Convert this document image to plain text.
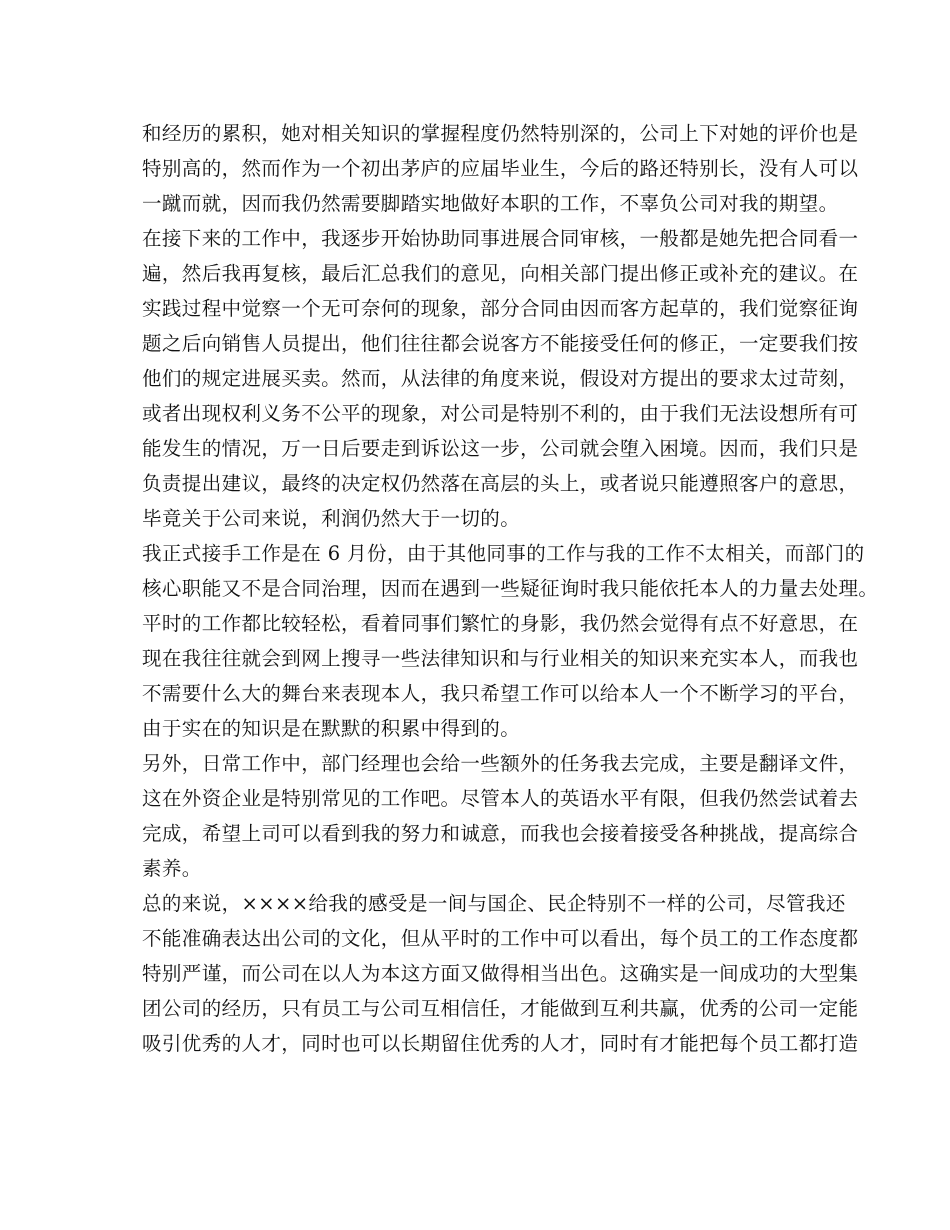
和经历的累积，她对相关知识的掌握程度仍然特别深的，公司上下对她的评价也是
特别高的，然而作为一个初出茅庐的应届毕业生，今后的路还特别长，没有人可以
一蹴而就，因而我仍然需要脚踏实地做好本职的工作，不辜负公司对我的期望。
在接下来的工作中，我逐步开始协助同事进展合同审核，一般都是她先把合同看一
遍，然后我再复核，最后汇总我们的意见，向相关部门提出修正或补充的建议。在
实践过程中觉察一个无可奈何的现象，部分合同由因而客方起草的，我们觉察征询
题之后向销售人员提出，他们往往都会说客方不能接受任何的修正，一定要我们按
他们的规定进展买卖。然而，从法律的角度来说，假设对方提出的要求太过苛刻，
或者出现权利义务不公平的现象，对公司是特别不利的，由于我们无法设想所有可
能发生的情况，万一日后要走到诉讼这一步，公司就会堕入困境。因而，我们只是
负责提出建议，最终的决定权仍然落在高层的头上，或者说只能遵照客户的意思，
毕竟关于公司来说，利润仍然大于一切的。
我正式接手工作是在 6 月份，由于其他同事的工作与我的工作不太相关，而部门的
核心职能又不是合同治理，因而在遇到一些疑征询时我只能依托本人的力量去处理。
平时的工作都比较轻松，看着同事们繁忙的身影，我仍然会觉得有点不好意思，在
现在我往往就会到网上搜寻一些法律知识和与行业相关的知识来充实本人，而我也
不需要什么大的舞台来表现本人，我只希望工作可以给本人一个不断学习的平台，
由于实在的知识是在默默的积累中得到的。
另外，日常工作中，部门经理也会给一些额外的任务我去完成，主要是翻译文件，
这在外资企业是特别常见的工作吧。尽管本人的英语水平有限，但我仍然尝试着去
完成，希望上司可以看到我的努力和诚意，而我也会接着接受各种挑战，提高综合
素养。
总的来说，××××给我的感受是一间与国企、民企特别不一样的公司，尽管我还
不能准确表达出公司的文化，但从平时的工作中可以看出，每个员工的工作态度都
特别严谨，而公司在以人为本这方面又做得相当出色。这确实是一间成功的大型集
团公司的经历，只有员工与公司互相信任，才能做到互利共赢，优秀的公司一定能
吸引优秀的人才，同时也可以长期留住优秀的人才，同时有才能把每个员工都打造
